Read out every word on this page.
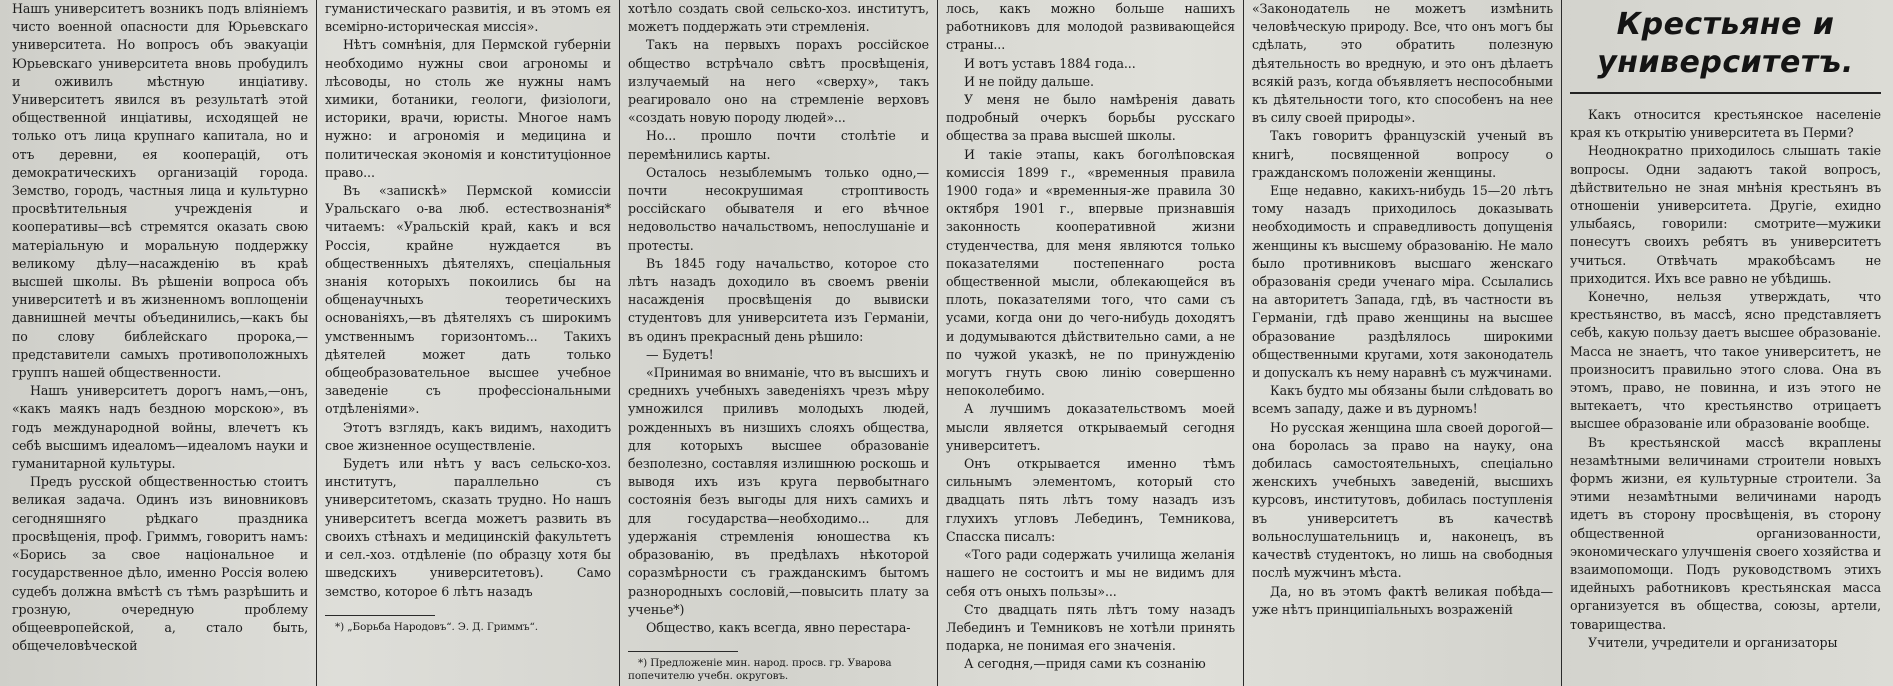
Нашъ университетъ возникъ подъ вліяніемъ чисто военной опасности для Юрьевскаго университета. Но вопросъ объ эвакуаціи Юрьевскаго университета вновь пробудилъ и оживилъ мѣстную инціативу. Университетъ явился въ результатѣ этой общественной инціативы, исходящей не только отъ лица крупнаго капитала, но и отъ деревни, ея кооперацій, отъ демократическихъ организацій города. Земство, городъ, частныя лица и культурно просвѣтительныя учрежденія и кооперативы—всѣ стремятся оказать свою матеріальную и моральную поддержку великому дѣлу—насажденію въ краѣ высшей школы. Въ рѣшеніи вопроса объ университетѣ и въ жизненномъ воплощеніи давнишней мечты объединились,—какъ бы по слову библейскаго пророка,—представители самыхъ противоположныхъ группъ нашей общественности.

Нашъ университетъ дорогъ намъ,—онъ, «какъ маякъ надъ бездною морскою», въ годъ международной войны, влечетъ къ себѣ высшимъ идеаломъ—идеаломъ науки и гуманитарной культуры.

Предъ русской общественностью стоитъ великая задача. Одинъ изъ виновниковъ сегодняшняго рѣдкаго праздника просвѣщенія, проф. Гриммъ, говоритъ намъ: «Борись за свое національное и государственное дѣло, именно Россія волею судебъ должна вмѣстѣ съ тѣмъ разрѣшить и грозную, очередную проблему общеевропейской, а, стало быть, общечеловѣческой

гуманистическаго развитія, и въ этомъ ея всемірно-историческая миссія».

Нѣтъ сомнѣнія, для Пермской губерніи необходимо нужны свои агрономы и лѣсоводы, но столь же нужны намъ химики, ботаники, геологи, физіологи, историки, врачи, юристы. Многое намъ нужно: и агрономія и медицина и политическая экономія и конституціонное право...

Въ «запискѣ» Пермской комиссіи Уральскаго о-ва люб. естествознанія* читаемъ: «Уральскій край, какъ и вся Россія, крайне нуждается въ общественныхъ дѣятеляхъ, спеціальныя знанія которыхъ покоились бы на общенаучныхъ теоретическихъ основаніяхъ,—въ дѣятеляхъ съ широкимъ умственнымъ горизонтомъ... Такихъ дѣятелей может дать только общеобразовательное высшее учебное заведеніе съ профессіональными отдѣленіями».

Этотъ взглядъ, какъ видимъ, находитъ свое жизненное осуществленіе.

Будетъ или нѣтъ у васъ сельско-хоз. институтъ, параллельно съ университетомъ, сказать трудно. Но нашъ университетъ всегда можетъ развить въ своихъ стѣнахъ и медицинскій факультетъ и сел.-хоз. отдѣленіе (по образцу хотя бы шведскихъ университетовъ). Само земство, которое 6 лѣтъ назадъ

*) „Борьба Народовъ“. Э. Д. Гриммъ“.

хотѣло создать свой сельско-хоз. институтъ, можетъ поддержать эти стремленія.

Такъ на первыхъ порахъ россійское общество встрѣчало свѣтъ просвѣщенія, излучаемый на него «сверху», такъ реагировало оно на стремленіе верховъ «создать новую породу людей»...

Но... прошло почти столѣтіе и перемѣнились карты.

Осталось незыблемымъ только одно,—почти несокрушимая строптивость россійскаго обывателя и его вѣчное недовольство начальствомъ, непослушаніе и протесты.

Въ 1845 году начальство, которое сто лѣтъ назадъ доходило въ своемъ рвеніи насажденія просвѣщенія до вывиски студентовъ для университета изъ Германіи, въ одинъ прекрасный день рѣшило:

— Будетъ!

«Принимая во вниманіе, что въ высшихъ и среднихъ учебныхъ заведеніяхъ чрезъ мѣру умножился приливъ молодыхъ людей, рожденныхъ въ низшихъ слояхъ общества, для которыхъ высшее образованіе безполезно, составляя излишнюю роскошь и выводя ихъ изъ круга первобытнаго состоянія безъ выгоды для нихъ самихъ и для государства—необходимо... для удержанія стремленія юношества къ образованію, въ предѣлахъ нѣкоторой соразмѣрности съ гражданскимъ бытомъ разнородныхъ сословій,—повысить плату за ученье*)

Общество, какъ всегда, явно перестара-

*) Предложеніе мин. народ. просв. гр. Уварова попечителю учебн. округовъ.

лось, какъ можно больше нашихъ работниковъ для молодой развивающейся страны...

И вотъ уставъ 1884 года...

И не пойду дальше.

У меня не было намѣренія давать подробный очеркъ борьбы русскаго общества за права высшей школы.

И такіе этапы, какъ боголѣповская комиссія 1899 г., «временныя правила 1900 года» и «временныя-же правила 30 октября 1901 г., впервые признавшія законность кооперативной жизни студенчества, для меня являются только показателями постепеннаго роста общественной мысли, облекающейся въ плоть, показателями того, что сами съ усами, когда они до чего-нибудь доходятъ и додумываются дѣйствительно сами, а не по чужой указкѣ, не по принужденію могутъ гнуть свою линію совершенно непоколебимо.

А лучшимъ доказательствомъ моей мысли является открываемый сегодня университетъ.

Онъ открывается именно тѣмъ сильнымъ элементомъ, который сто двадцать пять лѣтъ тому назадъ изъ глухихъ угловъ Лебединъ, Темникова, Спасска писалъ:

«Того ради содержать училища желанія нашего не состоитъ и мы не видимъ для себя отъ оныхъ пользы»...

Сто двадцать пять лѣтъ тому назадъ Лебединъ и Темниковъ не хотѣли принять подарка, не понимая его значенія.

А сегодня,—придя сами къ сознанію

«Законодатель не можетъ измѣнить человѣческую природу. Все, что онъ могъ бы сдѣлать, это обратить полезную дѣятельность во вредную, и это онъ дѣлаетъ всякій разъ, когда объявляетъ неспособными къ дѣятельности того, кто способенъ на нее въ силу своей природы».

Такъ говоритъ французскій ученый въ книгѣ, посвященной вопросу о гражданскомъ положеніи женщины.

Еще недавно, какихъ-нибудь 15—20 лѣтъ тому назадъ приходилось доказывать необходимость и справедливость допущенія женщины къ высшему образованію. Не мало было противниковъ высшаго женскаго образованія среди ученаго міра. Ссылались на авторитетъ Запада, гдѣ, въ частности въ Германіи, гдѣ право женщины на высшее образование раздѣлялось широкими общественными кругами, хотя законодатель и допускалъ къ нему наравнѣ съ мужчинами.

Какъ будто мы обязаны были слѣдовать во всемъ западу, даже и въ дурномъ!

Но русская женщина шла своей дорогой—она боролась за право на науку, она добилась самостоятельныхъ, спеціально женскихъ учебныхъ заведеній, высшихъ курсовъ, институтовъ, добилась поступленія въ университетъ въ качествѣ вольнослушательницъ и, наконецъ, въ качествѣ студентокъ, но лишь на свободныя послѣ мужчинъ мѣста.

Да, но въ этомъ фактѣ великая побѣда—уже нѣтъ принципіальныхъ возраженій

Крестьяне и университетъ.

Какъ относится крестьянское населеніе края къ открытію университета въ Перми?

Неоднократно приходилось слышать такіе вопросы. Одни задаютъ такой вопросъ, дѣйствительно не зная мнѣнія крестьянъ въ отношеніи университета. Другіе, ехидно улыбаясь, говорили: смотрите—мужики понесутъ своихъ ребятъ въ университетъ учиться. Отвѣчать мракобѣсамъ не приходится. Ихъ все равно не убѣдишь.

Конечно, нельзя утверждать, что крестьянство, въ массѣ, ясно представляетъ себѣ, какую пользу даетъ высшее образованіе. Масса не знаетъ, что такое университетъ, не произноситъ правильно этого слова. Она въ этомъ, право, не повинна, и изъ этого не вытекаетъ, что крестьянство отрицаетъ высшее образованіе или образованіе вообще.

Въ крестьянской массѣ вкраплены незамѣтными величинами строители новыхъ формъ жизни, ея культурные строители. За этими незамѣтными величинами народъ идетъ въ сторону просвѣщенія, въ сторону общественной организованности, экономическаго улучшенія своего хозяйства и взаимопомощи. Подъ руководствомъ этихъ идейныхъ работниковъ крестьянская масса организуется въ общества, союзы, артели, товарищества.

Учители, учредители и организаторы
